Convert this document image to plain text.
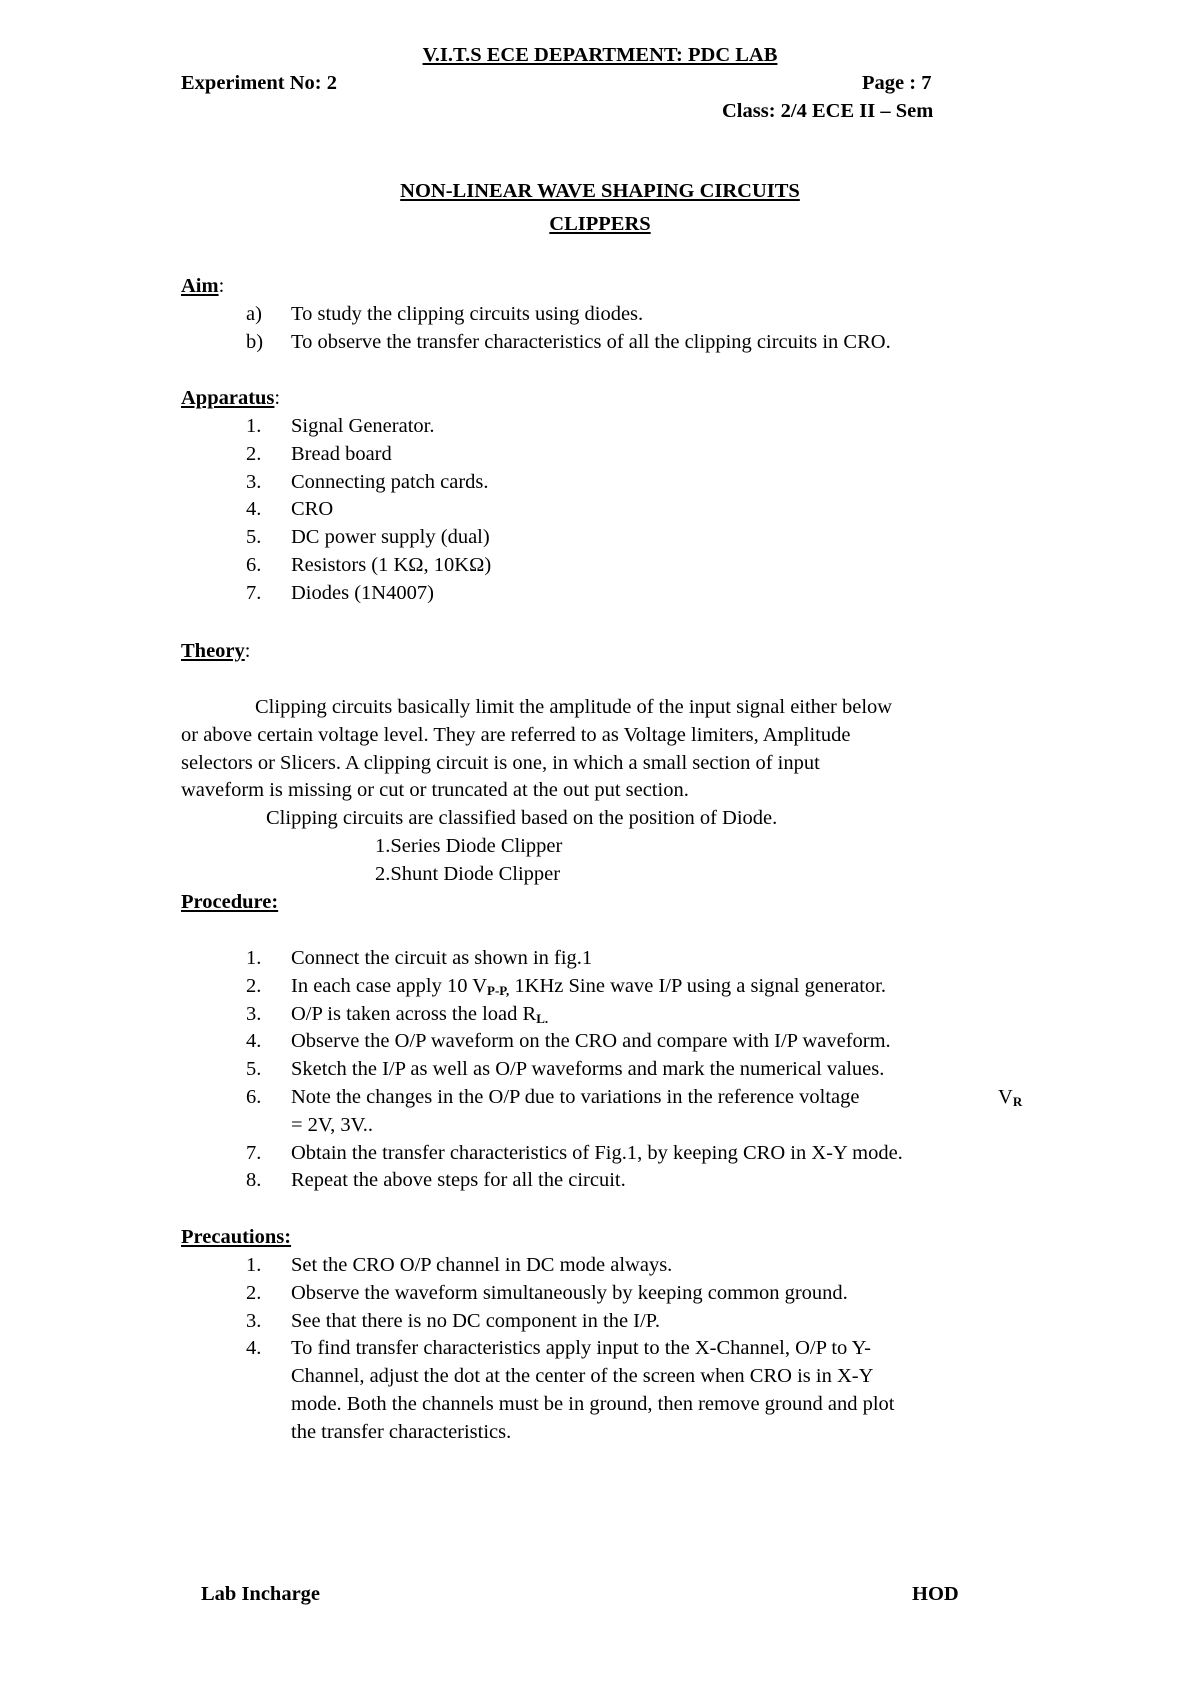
V.I.T.S ECE DEPARTMENT: PDC LAB
Experiment No: 2	Page : 7
Class: 2/4 ECE II – Sem
NON-LINEAR WAVE SHAPING CIRCUITS
CLIPPERS
Aim:
a) To study the clipping circuits using diodes.
b) To observe the transfer characteristics of all the clipping circuits in CRO.
Apparatus:
1. Signal Generator.
2. Bread board
3. Connecting patch cards.
4. CRO
5. DC power supply (dual)
6. Resistors (1 KΩ, 10KΩ)
7. Diodes (1N4007)
Theory:
Clipping circuits basically limit the amplitude of the input signal either below
or above certain voltage level. They are referred to as Voltage limiters, Amplitude
selectors or Slicers. A clipping circuit is one, in which a small section of input
waveform is missing or cut or truncated at the out put section.
Clipping circuits are classified based on the position of Diode.
1.Series Diode Clipper
2.Shunt Diode Clipper
Procedure:
1. Connect the circuit as shown in fig.1
2. In each case apply 10 $V_{P-P,}$ 1KHz Sine wave I/P using a signal generator.
3. O/P is taken across the load $R_{L.}$
4. Observe the O/P waveform on the CRO and compare with I/P waveform.
5. Sketch the I/P as well as O/P waveforms and mark the numerical values.
6. Note the changes in the O/P due to variations in the reference voltage	$V_R$
= 2V, 3V..
7. Obtain the transfer characteristics of Fig.1, by keeping CRO in X-Y mode.
8. Repeat the above steps for all the circuit.
Precautions:
1. Set the CRO O/P channel in DC mode always.
2. Observe the waveform simultaneously by keeping common ground.
3. See that there is no DC component in the I/P.
4. To find transfer characteristics apply input to the X-Channel, O/P to Y-
Channel, adjust the dot at the center of the screen when CRO is in X-Y
mode. Both the channels must be in ground, then remove ground and plot
the transfer characteristics.
Lab Incharge	HOD
